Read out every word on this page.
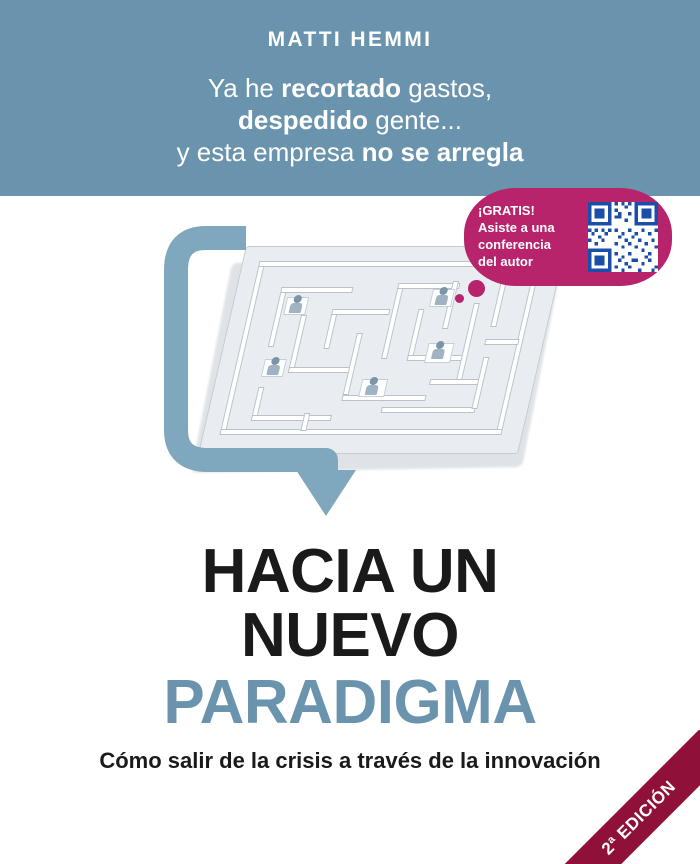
MATTI HEMMI
Ya he recortado gastos,
despedido gente...
y esta empresa no se arregla
¡GRATIS!
Asiste a una
conferencia
del autor
HACIA UN
NUEVO
PARADIGMA
Cómo salir de la crisis a través de la innovación
2ª EDICIÓN
